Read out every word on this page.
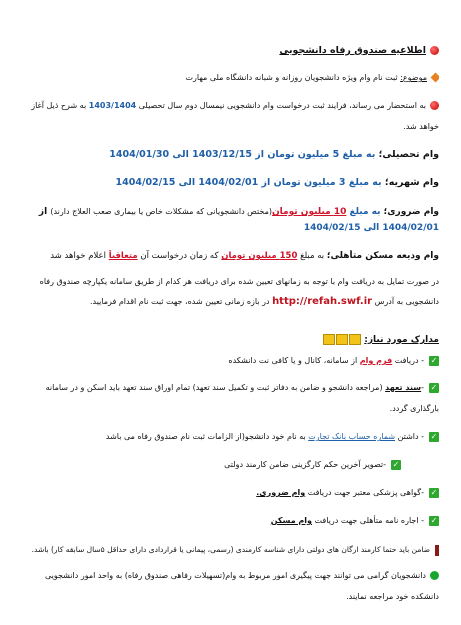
اطلاعیه صندوق رفاه دانشجویی
موضوع: ثبت نام وام ویژه دانشجویان روزانه و شبانه دانشگاه ملی مهارت
به استحضار می رساند، فرایند ثبت درخواست وام دانشجویی نیمسال دوم سال تحصیلی 1403/1404 به شرح ذیل آغاز
خواهد شد.
وام تحصیلی؛ به مبلغ 5 میلیون تومان از 1403/12/15 الی 1404/01/30
وام شهریه؛ به مبلغ 3 میلیون تومان از 1404/02/01 الی 1404/02/15
وام ضروری؛ به مبلغ 10 میلیون تومان(مختص دانشجویانی که مشکلات خاص یا بیماری صعب العلاج دارند) از 1404/02/01 الی 1404/02/15
وام ودیعه مسکن متأهلی؛ به مبلغ 150 میلیون تومان که زمان درخواست آن متعاقباً اعلام خواهد شد
در صورت تمایل به دریافت وام با توجه به زمانهای تعیین شده برای دریافت هر کدام از طریق سامانه یکپارچه صندوق رفاه
دانشجویی به آدرس http://refah.swf.ir در بازه زمانی تعیین شده، جهت ثبت نام اقدام فرمایید.
مدارک مورد نیاز:
✓- دریافت فرم وام از سامانه، کانال و یا کافی نت دانشکده
✓-سند تعهد (مراجعه دانشجو و ضامن به دفاتر ثبت و تکمیل سند تعهد) تمام اوراق سند تعهد باید اسکن و در سامانه
بارگذاری گردد.
✓- داشتن شماره حساب بانک تجارت به نام خود دانشجو(از الزامات ثبت نام صندوق رفاه می باشد
✓-تصویر آخرین حکم کارگزینی ضامن کارمند دولتی
✓-گواهی پزشکی معتبر جهت دریافت وام ضروری.
✓- اجاره نامه متأهلی جهت دریافت وام مسکن
ضامن باید حتما کارمند ارگان های دولتی دارای شناسه کارمندی (رسمی، پیمانی یا قراردادی دارای حداقل ۵سال سابقه کار) باشد.
دانشجویان گرامی می توانند جهت پیگیری امور مربوط به وام(تسهیلات رفاهی صندوق رفاه) به واحد امور دانشجویی
دانشکده خود مراجعه نمایند.
